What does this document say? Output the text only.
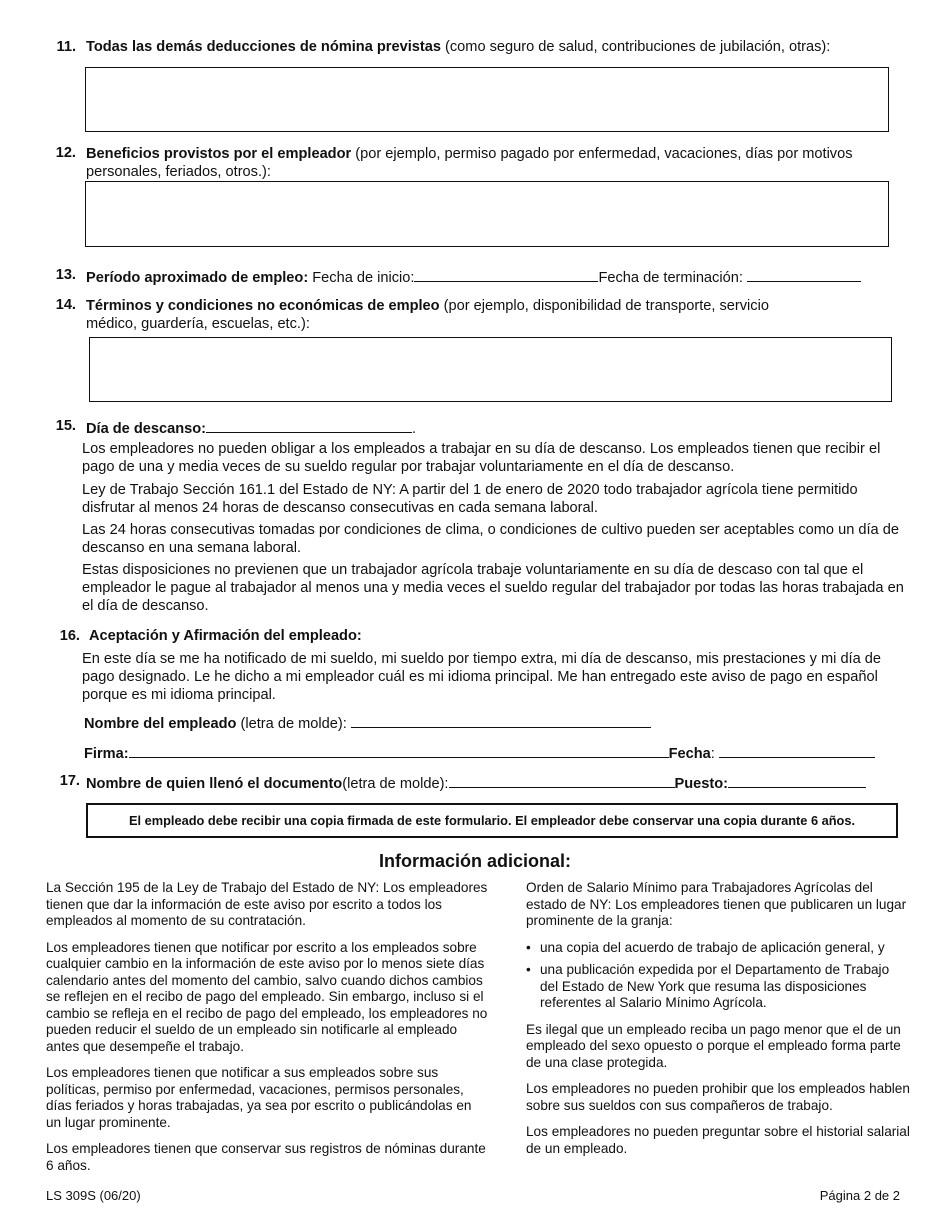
11. Todas las demás deducciones de nómina previstas (como seguro de salud, contribuciones de jubilación, otras):
12. Beneficios provistos por el empleador (por ejemplo, permiso pagado por enfermedad, vacaciones, días por motivos personales, feriados, otros.):
13. Período aproximado de empleo: Fecha de inicio:	Fecha de terminación:
14. Términos y condiciones no económicas de empleo (por ejemplo, disponibilidad de transporte, servicio
médico, guardería, escuelas, etc.):
15. Día de descanso:	.
Los empleadores no pueden obligar a los empleados a trabajar en su día de descanso. Los empleados tienen que recibir el pago de una y media veces de su sueldo regular por trabajar voluntariamente en el día de descanso.
Ley de Trabajo Sección 161.1 del Estado de NY: A partir del 1 de enero de 2020 todo trabajador agrícola tiene permitido disfrutar al menos 24 horas de descanso consecutivas en cada semana laboral.
Las 24 horas consecutivas tomadas por condiciones de clima, o condiciones de cultivo pueden ser aceptables como un día de descanso en una semana laboral.
Estas disposiciones no previenen que un trabajador agrícola trabaje voluntariamente en su día de descaso con tal que el empleador le pague al trabajador al menos una y media veces el sueldo regular del trabajador por todas las horas trabajada en el día de descanso.
16. Aceptación y Afirmación del empleado:
En este día se me ha notificado de mi sueldo, mi sueldo por tiempo extra, mi día de descanso, mis prestaciones y mi día de pago designado. Le he dicho a mi empleador cuál es mi idioma principal. Me han entregado este aviso de pago en español porque es mi idioma principal.
Nombre del empleado (letra de molde):
Firma:	Fecha:
17. Nombre de quien llenó el documento(letra de molde):	Puesto:
El empleado debe recibir una copia firmada de este formulario. El empleador debe conservar una copia durante 6 años.
Información adicional:

La Sección 195 de la Ley de Trabajo del Estado de NY: Los empleadores tienen que dar la información de este aviso por escrito a todos los empleados al momento de su contratación.

Los empleadores tienen que notificar por escrito a los empleados sobre cualquier cambio en la información de este aviso por lo menos siete días calendario antes del momento del cambio, salvo cuando dichos cambios se reflejen en el recibo de pago del empleado. Sin embargo, incluso si el cambio se refleja en el recibo de pago del empleado, los empleadores no pueden reducir el sueldo de un empleado sin notificarle al empleado antes que desempeñe el trabajo.

Los empleadores tienen que notificar a sus empleados sobre sus políticas, permiso por enfermedad, vacaciones, permisos personales, días feriados y horas trabajadas, ya sea por escrito o publicándolas en un lugar prominente.

Los empleadores tienen que conservar sus registros de nóminas durante 6 años.

Orden de Salario Mínimo para Trabajadores Agrícolas del estado de NY: Los empleadores tienen que publicaren un lugar prominente de la granja:

• una copia del acuerdo de trabajo de aplicación general, y
• una publicación expedida por el Departamento de Trabajo del Estado de New York que resuma las disposiciones referentes al Salario Mínimo Agrícola.

Es ilegal que un empleado reciba un pago menor que el de un empleado del sexo opuesto o porque el empleado forma parte de una clase protegida.

Los empleadores no pueden prohibir que los empleados hablen sobre sus sueldos con sus compañeros de trabajo.

Los empleadores no pueden preguntar sobre el historial salarial de un empleado.

LS 309S (06/20)	Página 2 de 2
